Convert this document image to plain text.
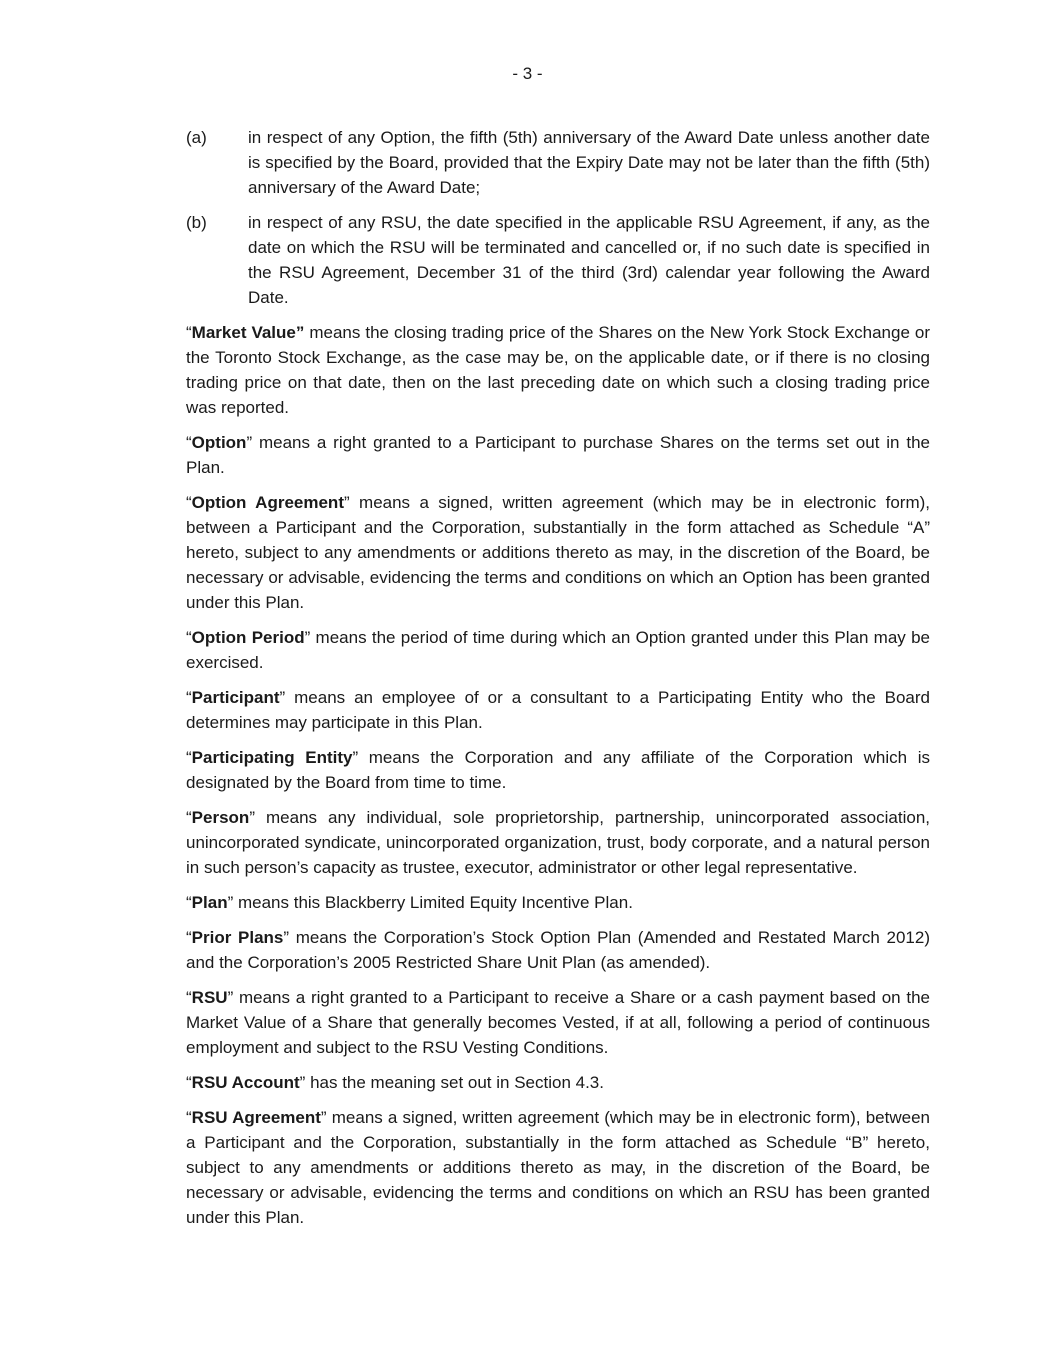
- 3 -
(a)	in respect of any Option, the fifth (5th) anniversary of the Award Date unless another date is specified by the Board, provided that the Expiry Date may not be later than the fifth (5th) anniversary of the Award Date;
(b)	in respect of any RSU, the date specified in the applicable RSU Agreement, if any, as the date on which the RSU will be terminated and cancelled or, if no such date is specified in the RSU Agreement, December 31 of the third (3rd) calendar year following the Award Date.

“Market Value” means the closing trading price of the Shares on the New York Stock Exchange or the Toronto Stock Exchange, as the case may be, on the applicable date, or if there is no closing trading price on that date, then on the last preceding date on which such a closing trading price was reported.

“Option” means a right granted to a Participant to purchase Shares on the terms set out in the Plan.

“Option Agreement” means a signed, written agreement (which may be in electronic form), between a Participant and the Corporation, substantially in the form attached as Schedule “A” hereto, subject to any amendments or additions thereto as may, in the discretion of the Board, be necessary or advisable, evidencing the terms and conditions on which an Option has been granted under this Plan.

“Option Period” means the period of time during which an Option granted under this Plan may be exercised.

“Participant” means an employee of or a consultant to a Participating Entity who the Board determines may participate in this Plan.

“Participating Entity” means the Corporation and any affiliate of the Corporation which is designated by the Board from time to time.

“Person” means any individual, sole proprietorship, partnership, unincorporated association, unincorporated syndicate, unincorporated organization, trust, body corporate, and a natural person in such person’s capacity as trustee, executor, administrator or other legal representative.

“Plan” means this Blackberry Limited Equity Incentive Plan.

“Prior Plans” means the Corporation’s Stock Option Plan (Amended and Restated March 2012) and the Corporation’s 2005 Restricted Share Unit Plan (as amended).

“RSU” means a right granted to a Participant to receive a Share or a cash payment based on the Market Value of a Share that generally becomes Vested, if at all, following a period of continuous employment and subject to the RSU Vesting Conditions.

“RSU Account” has the meaning set out in Section 4.3.

“RSU Agreement” means a signed, written agreement (which may be in electronic form), between a Participant and the Corporation, substantially in the form attached as Schedule “B” hereto, subject to any amendments or additions thereto as may, in the discretion of the Board, be necessary or advisable, evidencing the terms and conditions on which an RSU has been granted under this Plan.
